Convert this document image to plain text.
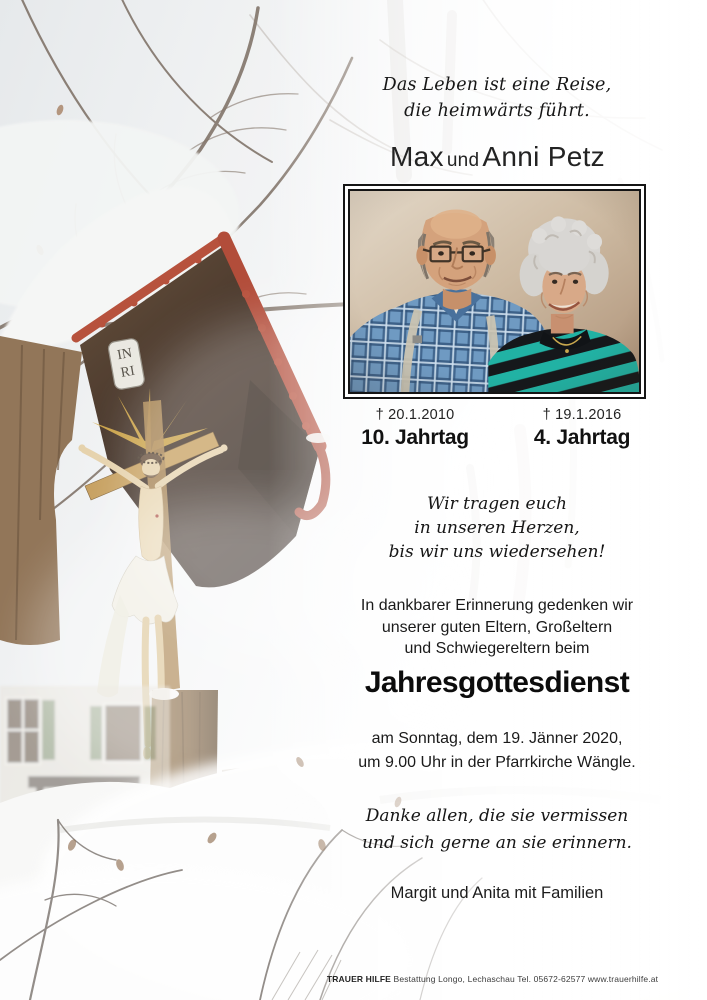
Das Leben ist eine Reise,
die heimwärts führt.
Max und Anni Petz
† 20.1.2010
10. Jahrtag
† 19.1.2016
4. Jahrtag
Wir tragen euch
in unseren Herzen,
bis wir uns wiedersehen!
In dankbarer Erinnerung gedenken wir
unserer guten Eltern, Großeltern
und Schwiegereltern beim
Jahresgottesdienst
am Sonntag, dem 19. Jänner 2020,
um 9.00 Uhr in der Pfarrkirche Wängle.
Danke allen, die sie vermissen
und sich gerne an sie erinnern.
Margit und Anita mit Familien
TRAUER HILFE Bestattung Longo, Lechaschau Tel. 05672-62577 www.trauerhilfe.at
